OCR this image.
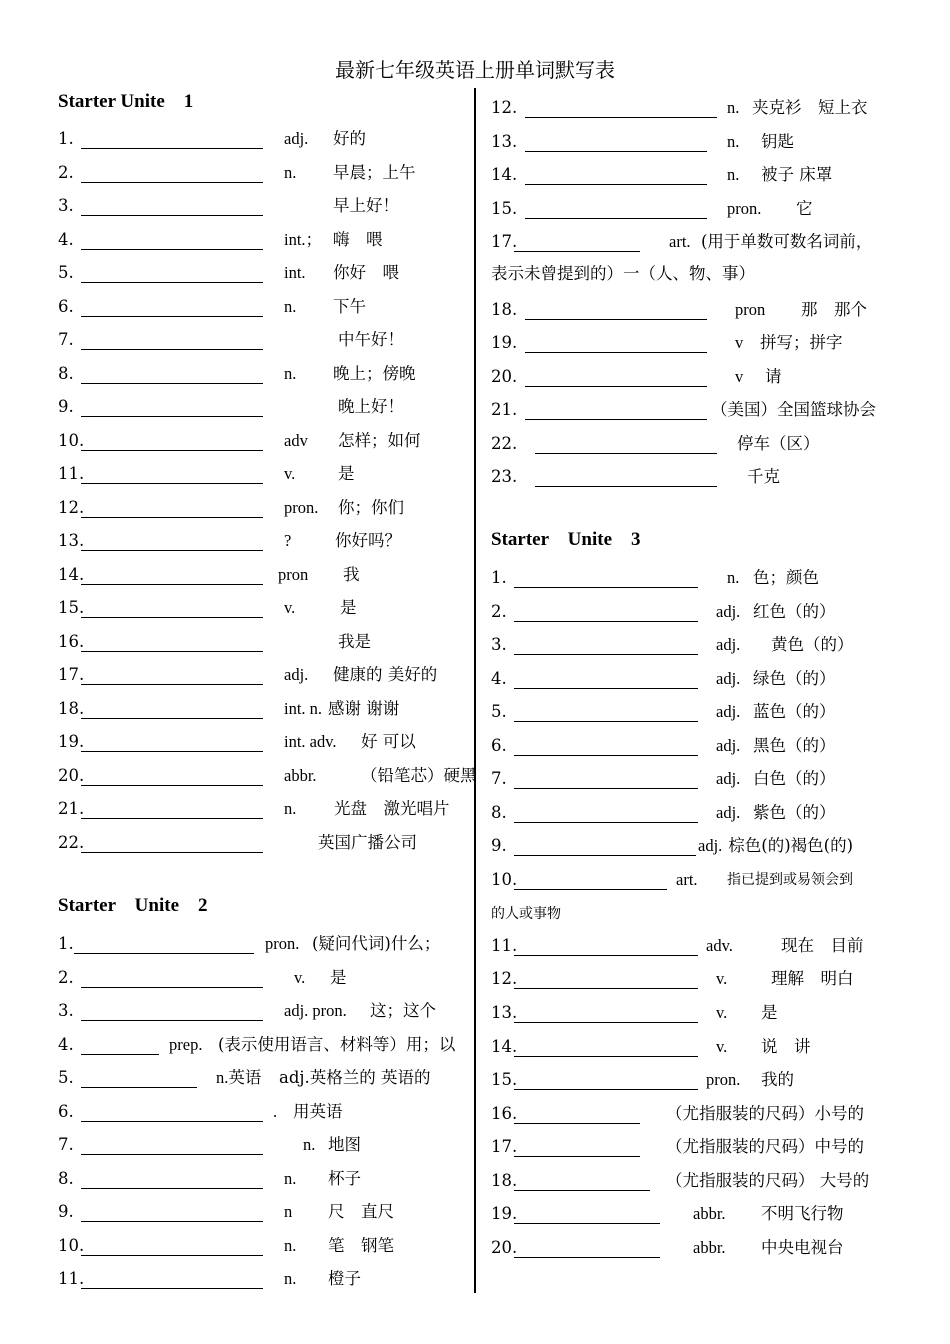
最新七年级英语上册单词默写表
Starter Unite    1
1.	adj. 好的
2.	n. 早晨；上午
3.	早上好！
4.	int.； 嗨　喂
5.	int. 你好　喂
6.	n. 下午
7.	中午好！
8.	n. 晚上；傍晚
9.	晚上好！
10.	adv 怎样；如何
11.	v.	是
12.	pron. 你；你们
13.	?	你好吗？
14.	pron 我
15.	v.	是
16.	我是
17.	adj. 健康的 美好的
18.	int. n. 感谢 谢谢
19.	int. adv. 好 可以
20.	abbr.	（铅笔芯）硬黑
21.	n. 光盘　激光唱片
22.	英国广播公司
Starter    Unite    2
1.	pron. (疑问代词)什么；
2.	v. 是
3.	adj. pron. 这；这个
4.	prep. (表示使用语言、材料等）用；以
5.	n.英语 adj.英格兰的 英语的
6.	. 用英语
7.	n. 地图
8.	n. 杯子
9.	n 尺　直尺
10.	n. 笔　钢笔
11.	n. 橙子
12.	n. 夹克衫　短上衣
13.	n. 钥匙
14.	n. 被子 床罩
15.	pron. 它
17.	art. (用于单数可数名词前，
表示未曾提到的）一（人、物、事）
18.	pron 那　那个
19.	v 拼写；拼字
20.	v 请
21.	（美国）全国篮球协会
22.	停车（区）
23.	千克
Starter    Unite    3
1.	n. 色；颜色
2.	adj. 红色（的）
3.	adj. 黄色（的）
4.	adj. 绿色（的）
5.	adj. 蓝色（的）
6.	adj. 黑色（的）
7.	adj. 白色（的）
8.	adj. 紫色（的）
9.	adj. 棕色(的)褐色(的)
10.	art. 指已提到或易领会到
的人或事物
11.	adv.	现在　目前
12.	v.	理解　明白
13.	v. 是
14.	v. 说　讲
15.	pron. 我的
16.	（尤指服装的尺码）小号的
17.	（尤指服装的尺码）中号的
18.	（尤指服装的尺码） 大号的
19.	abbr. 不明飞行物
20.	abbr. 中央电视台
